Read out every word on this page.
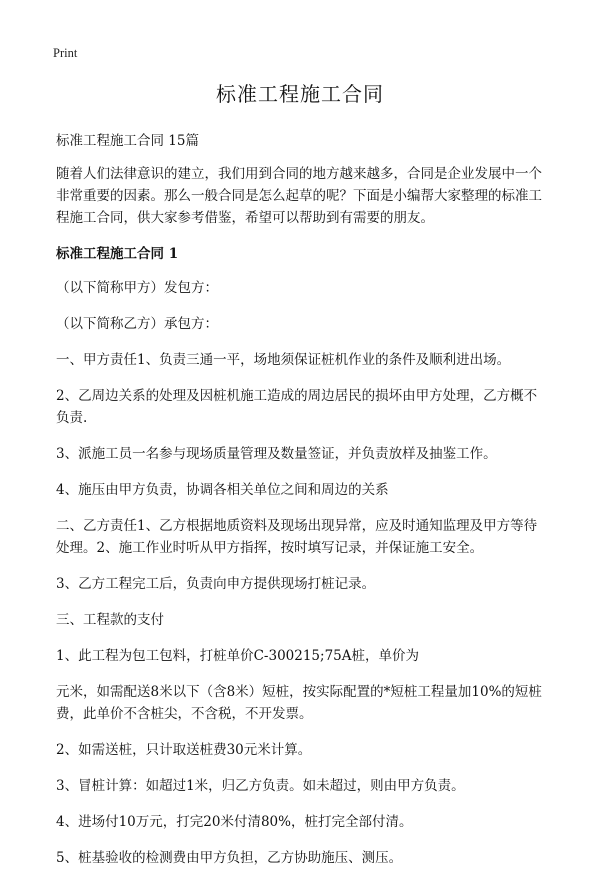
Print
标准工程施工合同
标准工程施工合同 15篇

随着人们法律意识的建立，我们用到合同的地方越来越多，合同是企业发展中一个非常重要的因素。那么一般合同是怎么起草的呢？下面是小编帮大家整理的标准工程施工合同，供大家参考借鉴，希望可以帮助到有需要的朋友。

标准工程施工合同 1

（以下简称甲方）发包方：

（以下简称乙方）承包方：

一、甲方责任1、负责三通一平，场地须保证桩机作业的条件及顺利进出场。

2、乙周边关系的处理及因桩机施工造成的周边居民的损坏由甲方处理，乙方概不负责.

3、派施工员一名参与现场质量管理及数量签证，并负责放样及抽鉴工作。

4、施压由甲方负责，协调各相关单位之间和周边的关系

二、乙方责任1、乙方根据地质资料及现场出现异常，应及时通知监理及甲方等待处理。2、施工作业时听从甲方指挥，按时填写记录，并保证施工安全。

3、乙方工程完工后，负责向申方提供现场打桩记录。

三、工程款的支付

1、此工程为包工包料，打桩单价C-300215;75A桩，单价为

元米，如需配送8米以下（含8米）短桩，按实际配置的*短桩工程量加10%的短桩费，此单价不含桩尖，不含税，不开发票。

2、如需送桩，只计取送桩费30元米计算。

3、冒桩计算：如超过1米，归乙方负责。如未超过，则由甲方负责。

4、进场付10万元，打完20米付清80%，桩打完全部付清。

5、桩基验收的检测费由甲方负担，乙方协助施压、测压。
